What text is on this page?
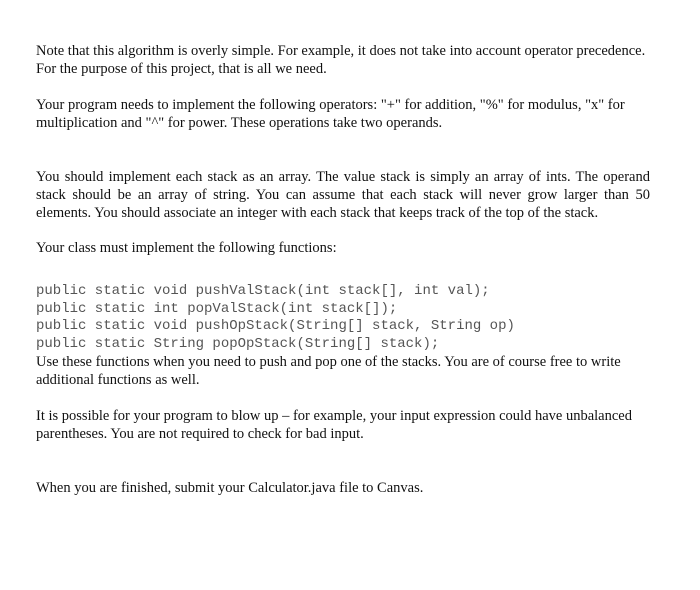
Note that this algorithm is overly simple. For example, it does not take into account operator precedence. For the purpose of this project, that is all we need.

Your program needs to implement the following operators: "+" for addition, "%" for modulus, "x" for multiplication and "^" for power. These operations take two operands.

You should implement each stack as an array. The value stack is simply an array of ints. The operand stack should be an array of string. You can assume that each stack will never grow larger than 50 elements. You should associate an integer with each stack that keeps track of the top of the stack.

Your class must implement the following functions:

public static void pushValStack(int stack[], int val);
public static int popValStack(int stack[]);
public static void pushOpStack(String[] stack, String op)
public static String popOpStack(String[] stack);

Use these functions when you need to push and pop one of the stacks. You are of course free to write additional functions as well.

It is possible for your program to blow up – for example, your input expression could have unbalanced parentheses. You are not required to check for bad input.

When you are finished, submit your Calculator.java file to Canvas.
